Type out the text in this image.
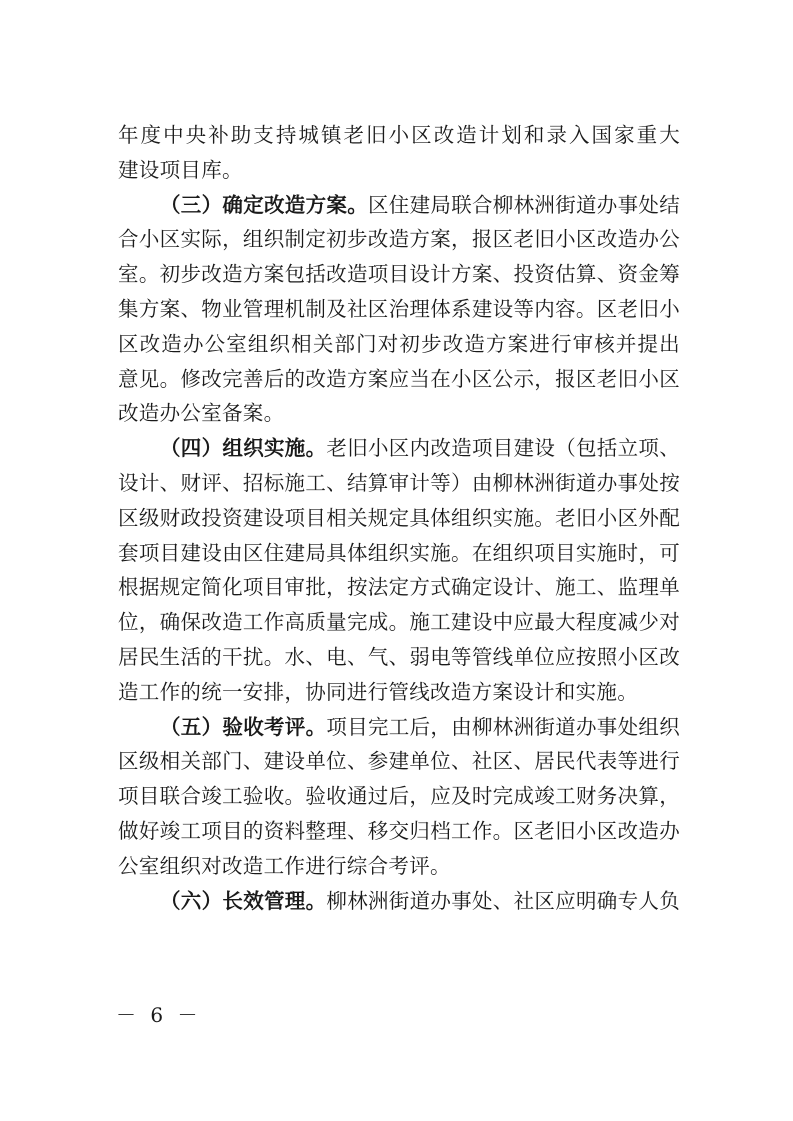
年度中央补助支持城镇老旧小区改造计划和录入国家重大
建设项目库。
（三）确定改造方案。区住建局联合柳林洲街道办事处结
合小区实际，组织制定初步改造方案，报区老旧小区改造办公
室。初步改造方案包括改造项目设计方案、投资估算、资金筹
集方案、物业管理机制及社区治理体系建设等内容。区老旧小
区改造办公室组织相关部门对初步改造方案进行审核并提出
意见。修改完善后的改造方案应当在小区公示，报区老旧小区
改造办公室备案。
（四）组织实施。老旧小区内改造项目建设（包括立项、
设计、财评、招标施工、结算审计等）由柳林洲街道办事处按
区级财政投资建设项目相关规定具体组织实施。老旧小区外配
套项目建设由区住建局具体组织实施。在组织项目实施时，可
根据规定简化项目审批，按法定方式确定设计、施工、监理单
位，确保改造工作高质量完成。施工建设中应最大程度减少对
居民生活的干扰。水、电、气、弱电等管线单位应按照小区改
造工作的统一安排，协同进行管线改造方案设计和实施。
（五）验收考评。项目完工后，由柳林洲街道办事处组织
区级相关部门、建设单位、参建单位、社区、居民代表等进行
项目联合竣工验收。验收通过后，应及时完成竣工财务决算，
做好竣工项目的资料整理、移交归档工作。区老旧小区改造办
公室组织对改造工作进行综合考评。
（六）长效管理。柳林洲街道办事处、社区应明确专人负
－ 6 －
